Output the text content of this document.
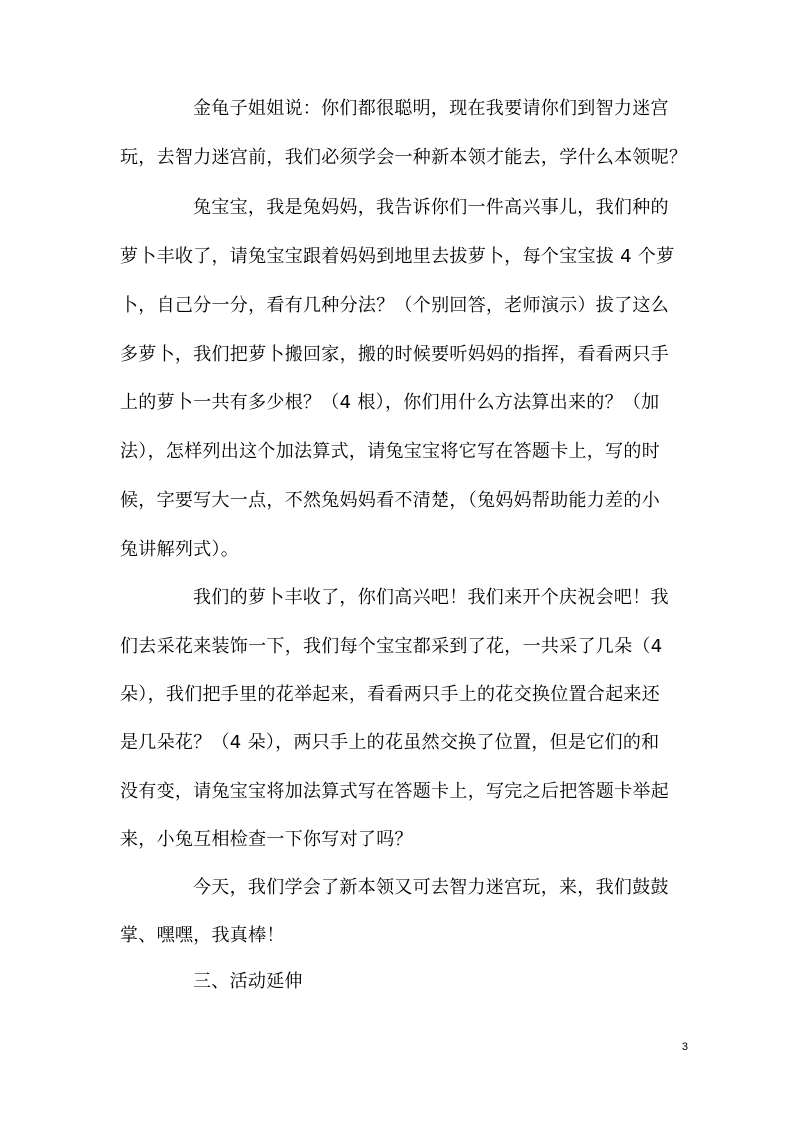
金龟子姐姐说：你们都很聪明，现在我要请你们到智力迷宫
玩，去智力迷宫前，我们必须学会一种新本领才能去，学什么本领呢？
兔宝宝，我是兔妈妈，我告诉你们一件高兴事儿，我们种的
萝卜丰收了，请兔宝宝跟着妈妈到地里去拔萝卜，每个宝宝拔 4 个萝
卜，自己分一分，看有几种分法？（个别回答，老师演示）拔了这么
多萝卜，我们把萝卜搬回家，搬的时候要听妈妈的指挥，看看两只手
上的萝卜一共有多少根？（4 根），你们用什么方法算出来的？（加
法），怎样列出这个加法算式，请兔宝宝将它写在答题卡上，写的时
候，字要写大一点，不然兔妈妈看不清楚，（兔妈妈帮助能力差的小
兔讲解列式）。
我们的萝卜丰收了，你们高兴吧！我们来开个庆祝会吧！我
们去采花来装饰一下，我们每个宝宝都采到了花，一共采了几朵（4
朵），我们把手里的花举起来，看看两只手上的花交换位置合起来还
是几朵花？（4 朵），两只手上的花虽然交换了位置，但是它们的和
没有变，请兔宝宝将加法算式写在答题卡上，写完之后把答题卡举起
来，小兔互相检查一下你写对了吗？
今天，我们学会了新本领又可去智力迷宫玩，来，我们鼓鼓
掌、嘿嘿，我真棒！
三、活动延伸
3
